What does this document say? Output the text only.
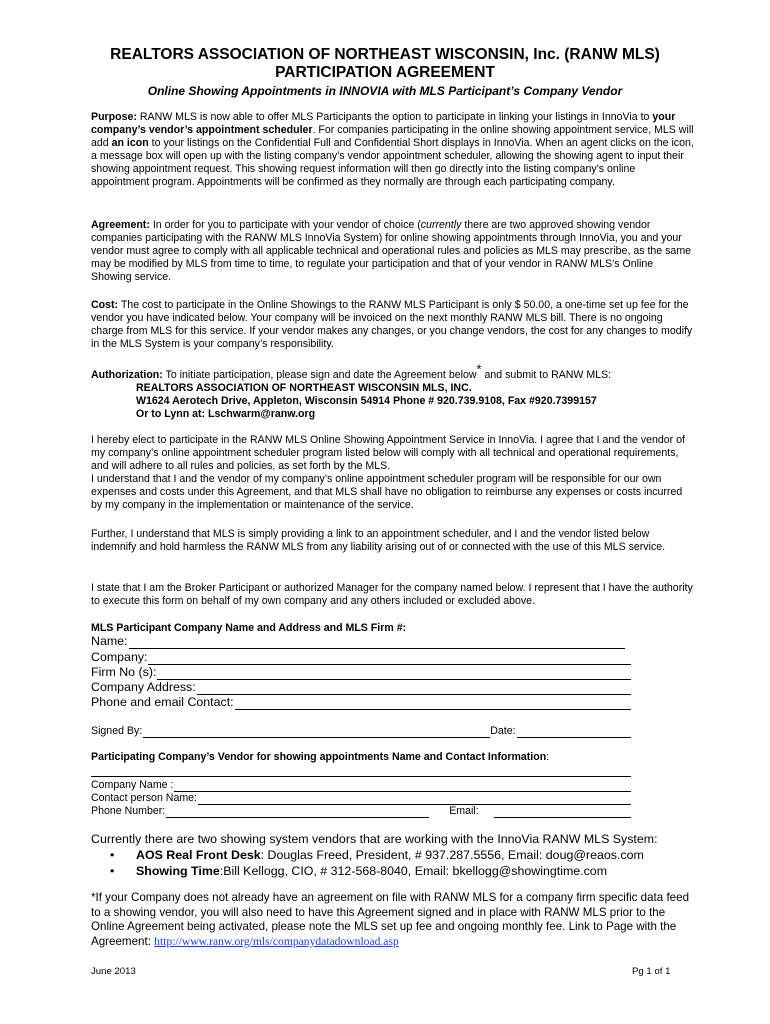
REALTORS ASSOCIATION OF NORTHEAST WISCONSIN, Inc. (RANW MLS)
PARTICIPATION AGREEMENT
Online Showing Appointments in INNOVIA with MLS Participant’s Company Vendor
Purpose: RANW MLS is now able to offer MLS Participants the option to participate in linking your listings in InnoVia to your company’s vendor’s appointment scheduler. For companies participating in the online showing appointment service, MLS will add an icon to your listings on the Confidential Full and Confidential Short displays in InnoVia. When an agent clicks on the icon, a message box will open up with the listing company’s vendor appointment scheduler, allowing the showing agent to input their showing appointment request. This showing request information will then go directly into the listing company’s online appointment program. Appointments will be confirmed as they normally are through each participating company.
Agreement: In order for you to participate with your vendor of choice (currently there are two approved showing vendor companies participating with the RANW MLS InnoVia System) for online showing appointments through InnoVia, you and your vendor must agree to comply with all applicable technical and operational rules and policies as MLS may prescribe, as the same may be modified by MLS from time to time, to regulate your participation and that of your vendor in RANW MLS’s Online Showing service.
Cost: The cost to participate in the Online Showings to the RANW MLS Participant is only $ 50.00, a one-time set up fee for the vendor you have indicated below. Your company will be invoiced on the next monthly RANW MLS bill. There is no ongoing charge from MLS for this service. If your vendor makes any changes, or you change vendors, the cost for any changes to modify in the MLS System is your company’s responsibility.
Authorization: To initiate participation, please sign and date the Agreement below* and submit to RANW MLS:
REALTORS ASSOCIATION OF NORTHEAST WISCONSIN MLS, INC.
W1624 Aerotech Drive, Appleton, Wisconsin 54914 Phone # 920.739.9108, Fax #920.7399157
Or to Lynn at: Lschwarm@ranw.org
I hereby elect to participate in the RANW MLS Online Showing Appointment Service in InnoVia. I agree that I and the vendor of my company’s online appointment scheduler program listed below will comply with all technical and operational requirements, and will adhere to all rules and policies, as set forth by the MLS.
I understand that I and the vendor of my company’s online appointment scheduler program will be responsible for our own expenses and costs under this Agreement, and that MLS shall have no obligation to reimburse any expenses or costs incurred by my company in the implementation or maintenance of the service.
Further, I understand that MLS is simply providing a link to an appointment scheduler, and I and the vendor listed below indemnify and hold harmless the RANW MLS from any liability arising out of or connected with the use of this MLS service.
I state that I am the Broker Participant or authorized Manager for the company named below. I represent that I have the authority to execute this form on behalf of my own company and any others included or excluded above.
MLS Participant Company Name and Address and MLS Firm #:
Name:
Company:
Firm No (s):
Company Address:
Phone and email Contact:
Signed By:	Date:
Participating Company’s Vendor for showing appointments Name and Contact Information:
Company Name :
Contact person Name:
Phone Number:	Email:
Currently there are two showing system vendors that are working with the InnoVia RANW MLS System:
• AOS Real Front Desk: Douglas Freed, President, # 937.287.5556, Email: doug@reaos.com
• Showing Time:Bill Kellogg, CIO, # 312-568-8040, Email: bkellogg@showingtime.com
*If your Company does not already have an agreement on file with RANW MLS for a company firm specific data feed to a showing vendor, you will also need to have this Agreement signed and in place with RANW MLS prior to the Online Agreement being activated, please note the MLS set up fee and ongoing monthly fee. Link to Page with the Agreement: http://www.ranw.org/mls/companydatadownload.asp
June 2013	Pg 1 of 1
